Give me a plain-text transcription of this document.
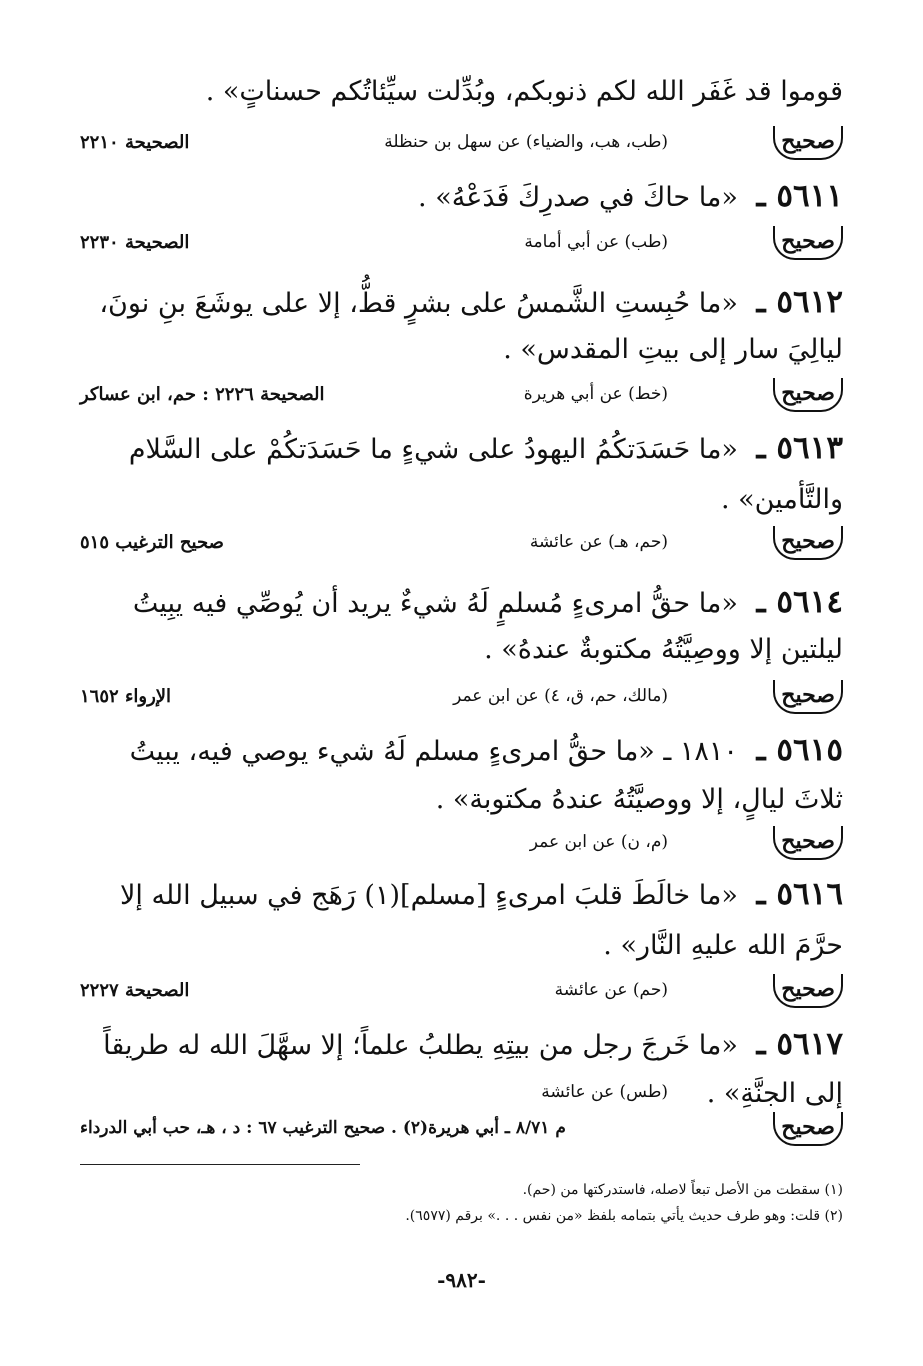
قوموا قد غَفَر الله لكم ذنوبكم، وبُدِّلت سيِّئاتُكم حسناتٍ» .
صحيح
(طب، هب، والضياء) عن سهل بن حنظلة
الصحيحة ٢٢١٠
٥٦١١ ـ «ما حاكَ في صدرِكَ فَدَعْهُ» .
صحيح
(طب) عن أبي أمامة
الصحيحة ٢٢٣٠
٥٦١٢ ـ «ما حُبِستِ الشَّمسُ على بشرٍ قطُّ، إلا على يوشَعَ بنِ نونَ،
ليالِيَ سار إلى بيتِ المقدس» .
صحيح
(خط) عن أبي هريرة
الصحيحة ٢٢٢٦ : حم، ابن عساكر
٥٦١٣ ـ «ما حَسَدَتكُمُ اليهودُ على شيءٍ ما حَسَدَتكُمْ على السَّلام
والتَّأمين» .
صحيح
(حم، هـ) عن عائشة
صحيح الترغيب ٥١٥
٥٦١٤ ـ «ما حقُّ امرىءٍ مُسلمٍ لَهُ شيءٌ يريد أن يُوصِّي فيه يبِيتُ
ليلتين إلا ووصِيَّتُهُ مكتوبةٌ عندهُ» .
صحيح
(مالك، حم، ق، ٤) عن ابن عمر
الإرواء ١٦٥٢
٥٦١٥ ـ ١٨١٠ ـ «ما حقُّ امرىءٍ مسلم لَهُ شيء يوصي فيه، يبيتُ
ثلاثَ ليالٍ، إلا ووصيَّتُهُ عندهُ مكتوبة» .
صحيح
(م، ن) عن ابن عمر
٥٦١٦ ـ «ما خالَطَ قلبَ امرىءٍ [مسلم](١) رَهَج في سبيل الله إلا
حرَّمَ الله عليهِ النَّار» .
صحيح
(حم) عن عائشة
الصحيحة ٢٢٢٧
٥٦١٧ ـ «ما خَرجَ رجل من بيتِهِ يطلبُ علماً؛ إلا سهَّلَ الله له طريقاً
إلى الجنَّةِ» .
صحيح
(طس) عن عائشة
م ٨/٧١ ـ أبي هريرة(٢) . صحيح الترغيب ٦٧ : د ، هـ، حب أبي الدرداء
(١) سقطت من الأصل تبعاً لاصله، فاستدركتها من (حم).
(٢) قلت: وهو طرف حديث يأتي بتمامه بلفظ «من نفس . . .» برقم (٦٥٧٧).
-٩٨٢-
